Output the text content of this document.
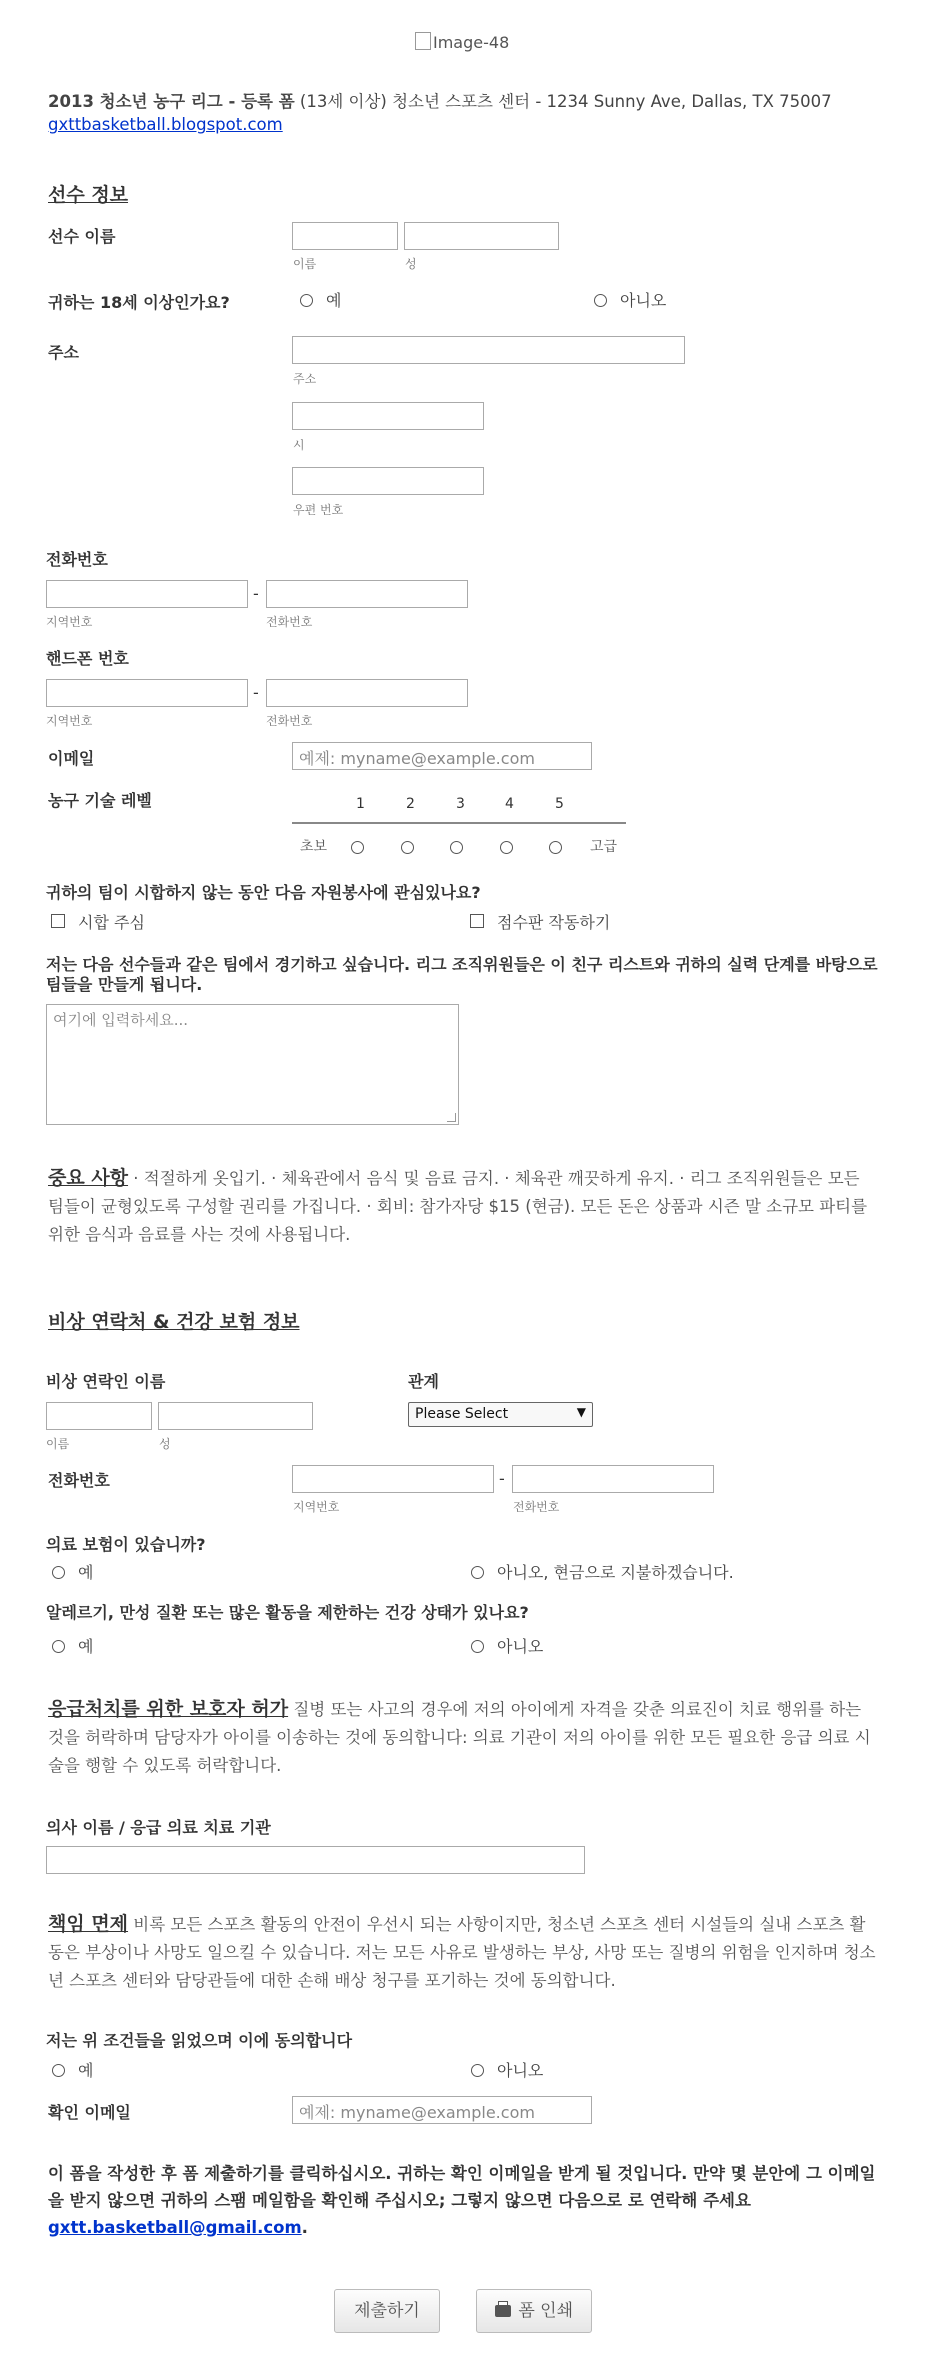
Image-48
2013 청소년 농구 리그 - 등록 폼 (13세 이상) 청소년 스포츠 센터 - 1234 Sunny Ave, Dallas, TX 75007
gxttbasketball.blogspot.com
선수 정보
선수 이름
이름	성
귀하는 18세 이상인가요?	예	아니오
주소
주소
시
우편 번호
전화번호
-
지역번호	전화번호
핸드폰 번호
-
지역번호	전화번호
이메일	예제: myname@example.com
농구 기술 레벨	1	2	3	4	5
초보	고급
귀하의 팀이 시합하지 않는 동안 다음 자원봉사에 관심있나요?
시합 주심	점수판 작동하기
저는 다음 선수들과 같은 팀에서 경기하고 싶습니다. 리그 조직위원들은 이 친구 리스트와 귀하의 실력 단계를 바탕으로 팀들을 만들게 됩니다.
여기에 입력하세요...
중요 사항 · 적절하게 옷입기. · 체육관에서 음식 및 음료 금지. · 체육관 깨끗하게 유지. · 리그 조직위원들은 모든 팀들이 균형있도록 구성할 권리를 가집니다. · 회비: 참가자당 $15 (현금). 모든 돈은 상품과 시즌 말 소규모 파티를 위한 음식과 음료를 사는 것에 사용됩니다.
비상 연락처 & 건강 보험 정보
비상 연락인 이름
이름	성
관계
Please Select	▼
전화번호	-
지역번호	전화번호
의료 보험이 있습니까?
예	아니오, 현금으로 지불하겠습니다.
알레르기, 만성 질환 또는 많은 활동을 제한하는 건강 상태가 있나요?
예	아니오
응급처치를 위한 보호자 허가 질병 또는 사고의 경우에 저의 아이에게 자격을 갖춘 의료진이 치료 행위를 하는 것을 허락하며 담당자가 아이를 이송하는 것에 동의합니다: 의료 기관이 저의 아이를 위한 모든 필요한 응급 의료 시술을 행할 수 있도록 허락합니다.
의사 이름 / 응급 의료 치료 기관
책임 면제 비록 모든 스포츠 활동의 안전이 우선시 되는 사항이지만, 청소년 스포츠 센터 시설들의 실내 스포츠 활동은 부상이나 사망도 일으킬 수 있습니다. 저는 모든 사유로 발생하는 부상, 사망 또는 질병의 위험을 인지하며 청소년 스포츠 센터와 담당관들에 대한 손해 배상 청구를 포기하는 것에 동의합니다.
저는 위 조건들을 읽었으며 이에 동의합니다
예	아니오
확인 이메일	예제: myname@example.com
이 폼을 작성한 후 폼 제출하기를 클릭하십시오. 귀하는 확인 이메일을 받게 될 것입니다. 만약 몇 분안에 그 이메일을 받지 않으면 귀하의 스팸 메일함을 확인해 주십시오; 그렇지 않으면 다음으로 로 연락해 주세요 gxtt.basketball@gmail.com.
제출하기	폼 인쇄
